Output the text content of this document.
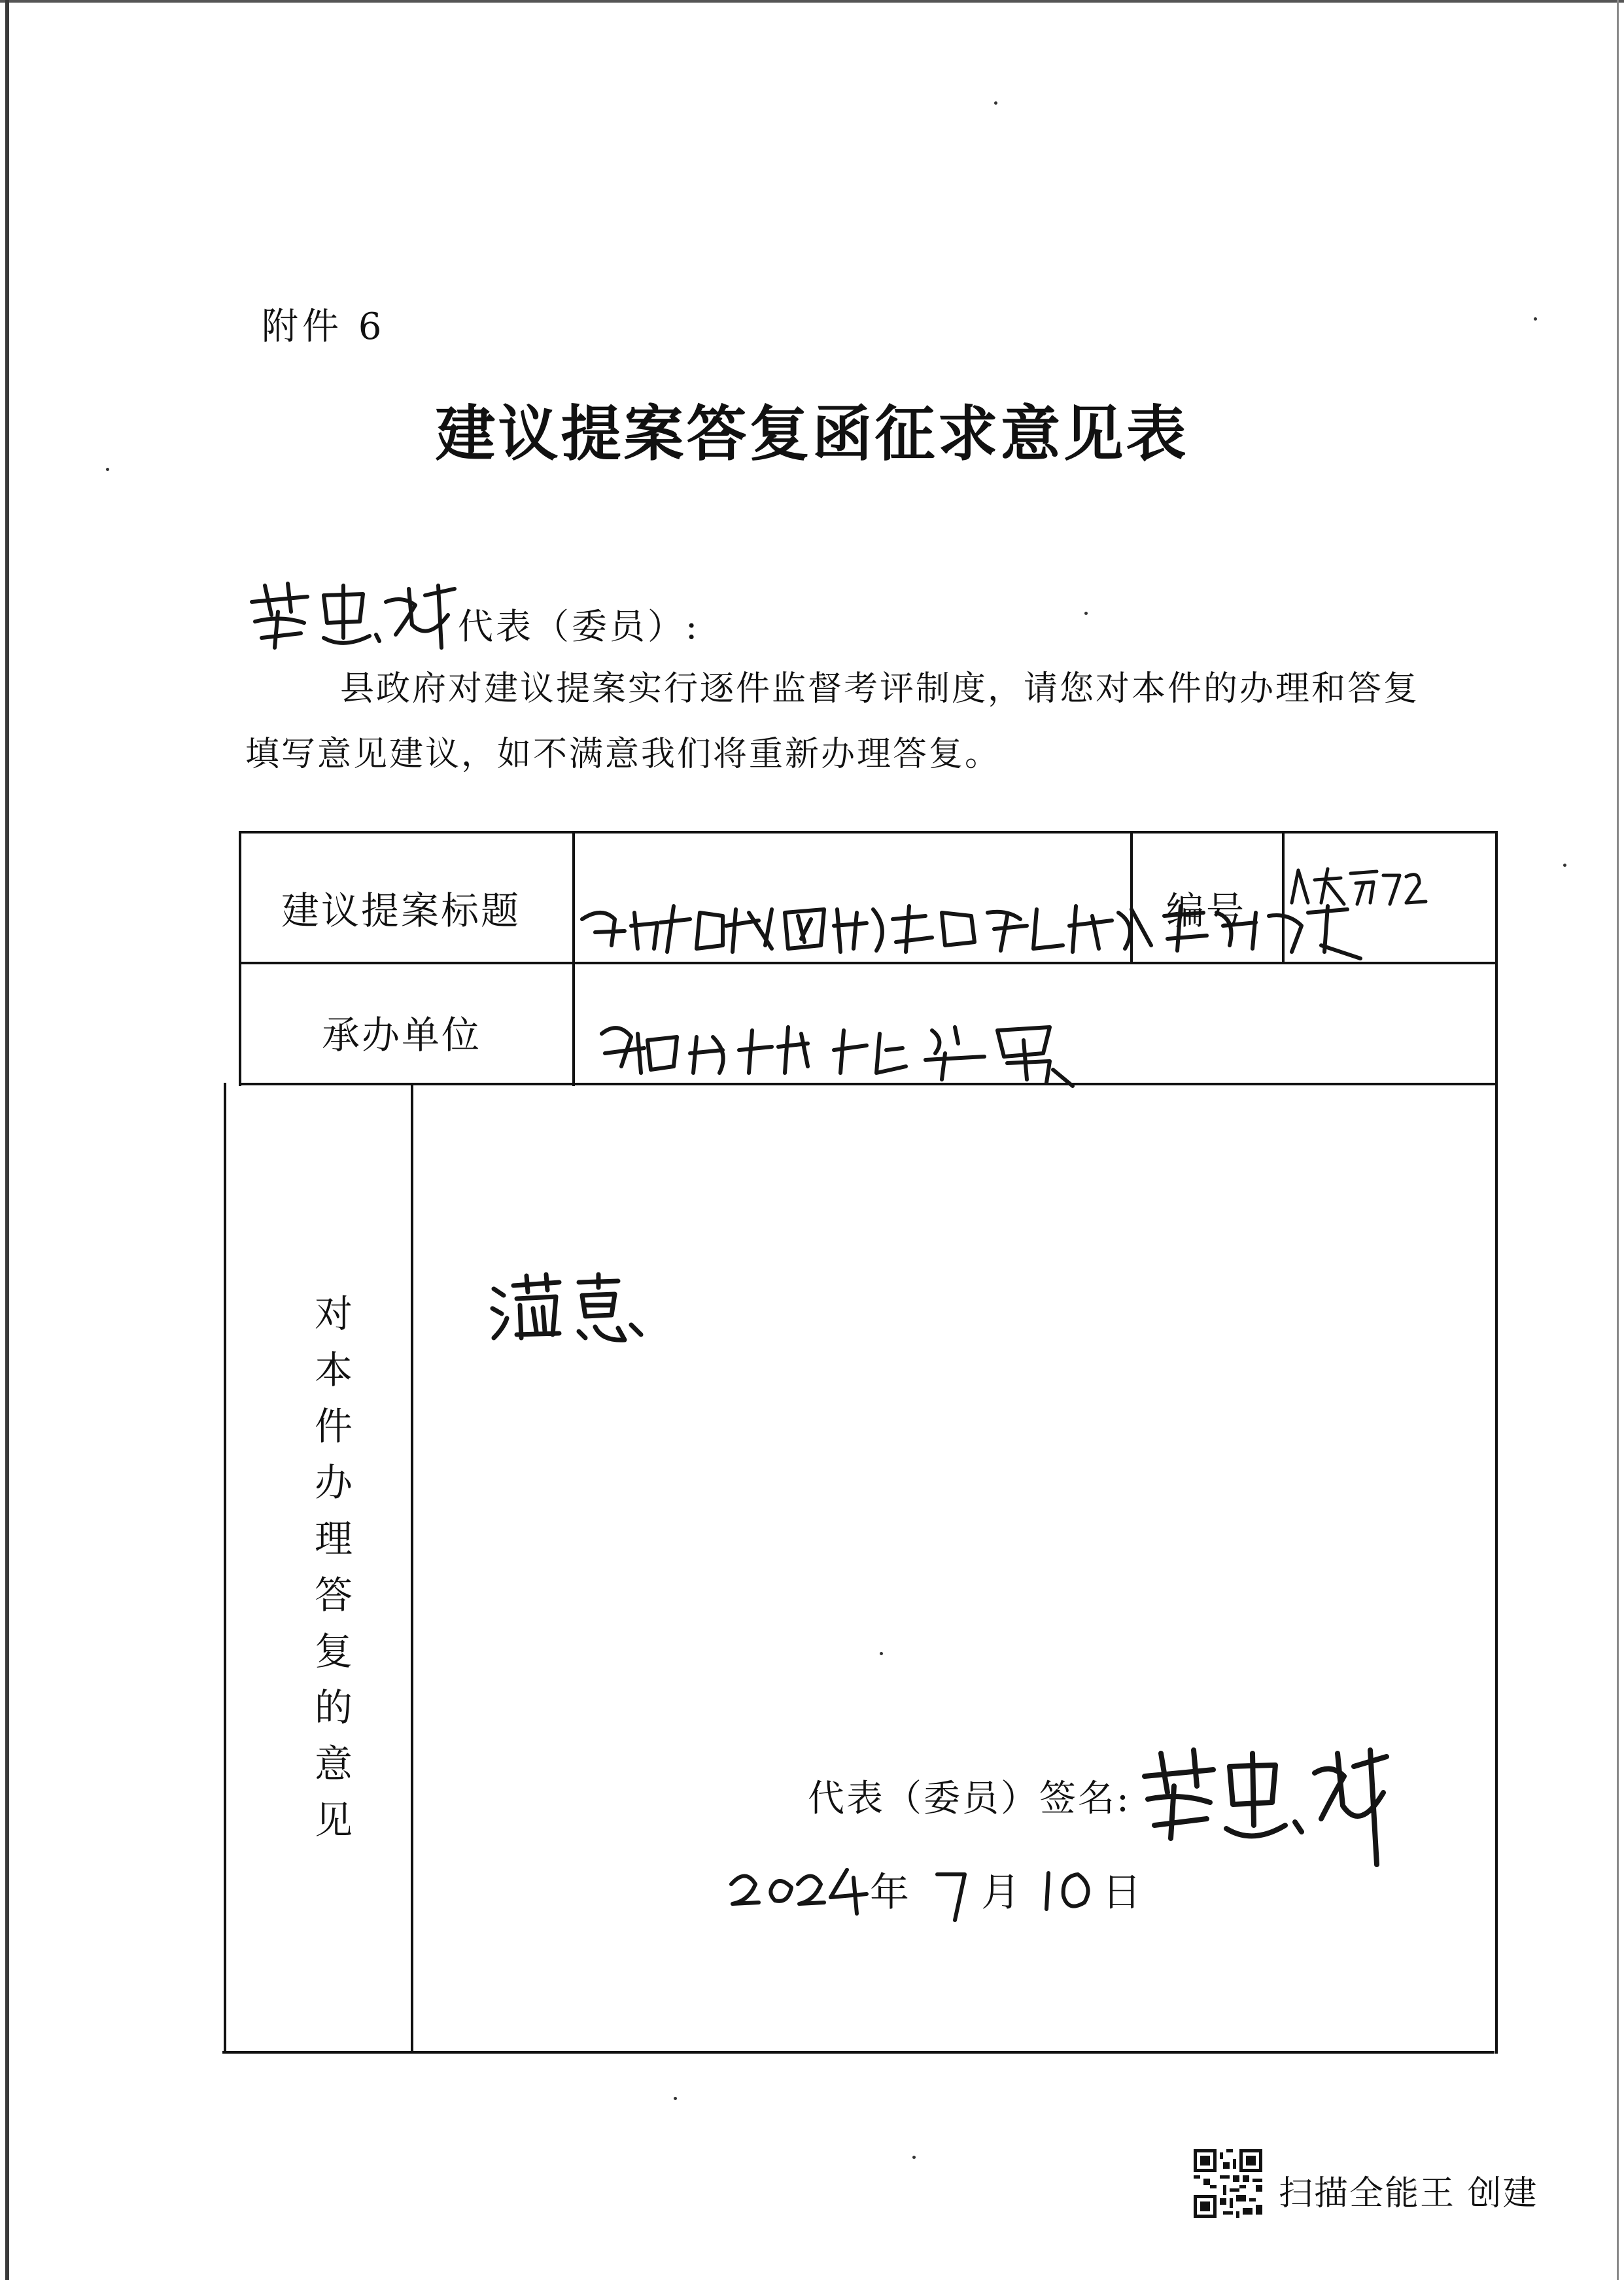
附件 6
建议提案答复函征求意见表
代表（委员）:
县政府对建议提案实行逐件监督考评制度，请您对本件的办理和答复
填写意见建议，如不满意我们将重新办理答复。
建议提案标题	编号
承办单位
对
本
件
办
理
答
复
的
意
见	代表（委员）签名:
年 月 日
扫描全能王 创建
